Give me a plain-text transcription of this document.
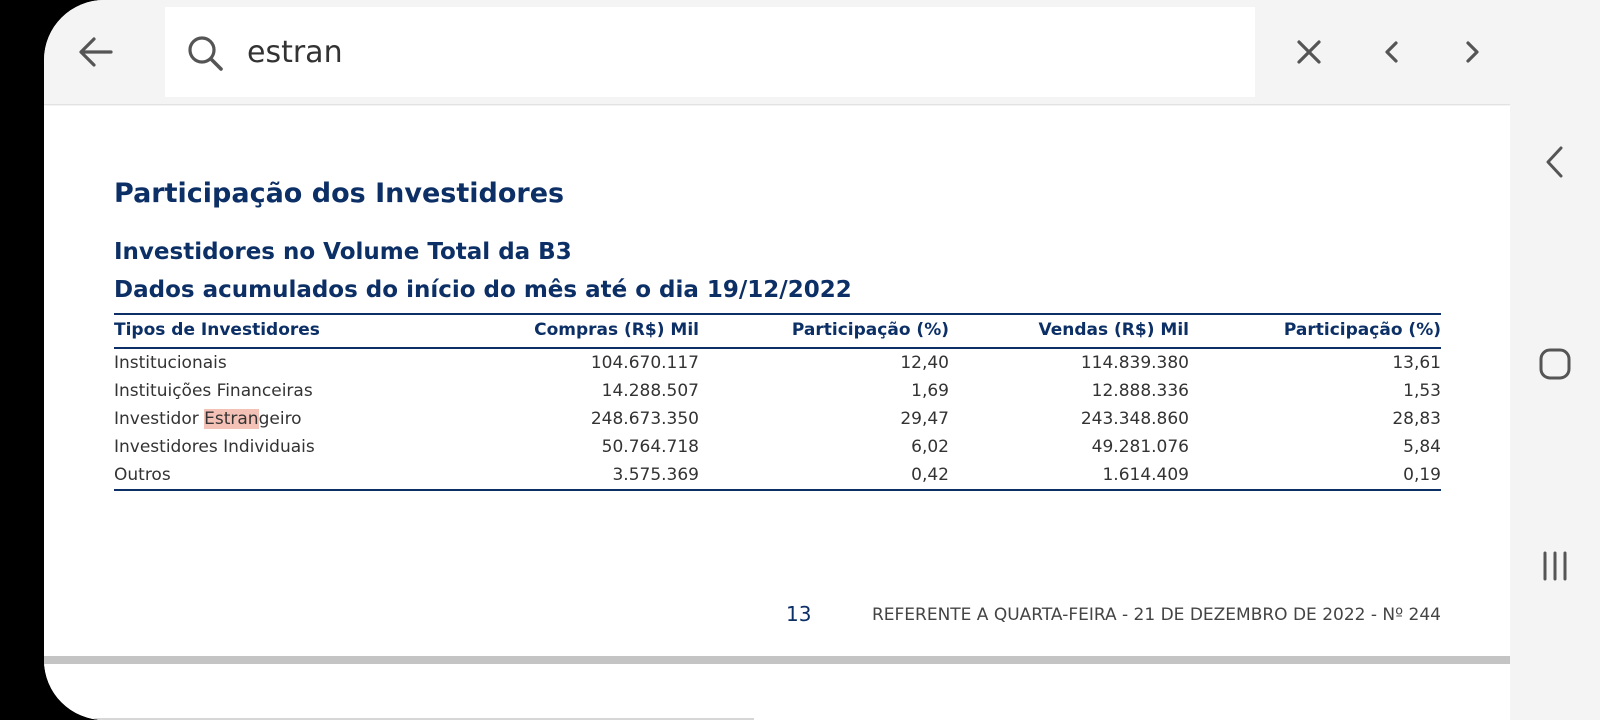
estran
Participação dos Investidores
Investidores no Volume Total da B3
Dados acumulados do início do mês até o dia 19/12/2022
Tipos de Investidores	Compras (R$) Mil	Participação (%)	Vendas (R$) Mil	Participação (%)
Institucionais	104.670.117	12,40	114.839.380	13,61
Instituições Financeiras	14.288.507	1,69	12.888.336	1,53
Investidor Estrangeiro	248.673.350	29,47	243.348.860	28,83
Investidores Individuais	50.764.718	6,02	49.281.076	5,84
Outros	3.575.369	0,42	1.614.409	0,19
13	REFERENTE A QUARTA-FEIRA - 21 DE DEZEMBRO DE 2022 - Nº 244
